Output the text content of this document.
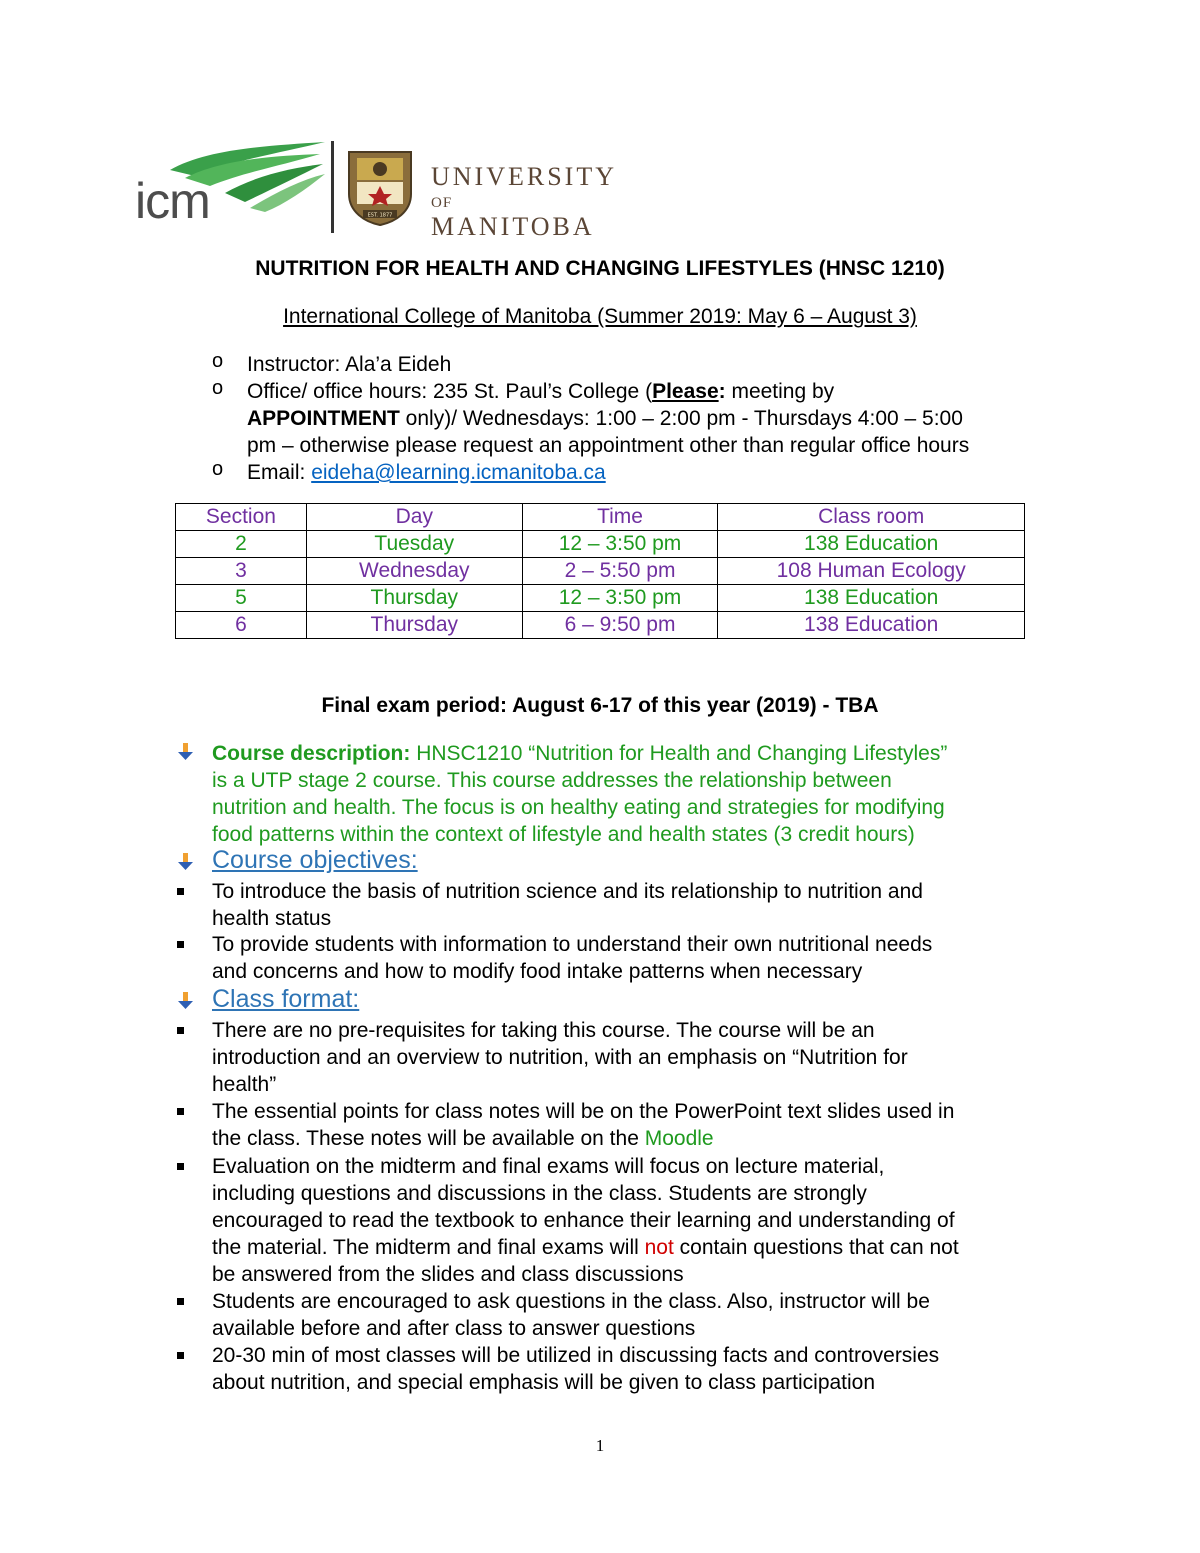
icm	EST. 1877
UNIVERSITY
OF MANITOBA
NUTRITION FOR HEALTH AND CHANGING LIFESTYLES (HNSC 1210)
International College of Manitoba (Summer 2019: May 6 – August 3)
o Instructor: Ala’a Eideh
o Office/ office hours: 235 St. Paul’s College (Please: meeting by
APPOINTMENT only)/ Wednesdays: 1:00 – 2:00 pm - Thursdays 4:00 – 5:00
pm – otherwise please request an appointment other than regular office hours
o Email: eideha@learning.icmanitoba.ca
Section	Day	Time	Class room
2	Tuesday	12 – 3:50 pm	138 Education
3	Wednesday	2 – 5:50 pm	108 Human Ecology
5	Thursday	12 – 3:50 pm	138 Education
6	Thursday	6 – 9:50 pm	138 Education
Final exam period: August 6-17 of this year (2019) - TBA
Course description: HNSC1210 “Nutrition for Health and Changing Lifestyles”
is a UTP stage 2 course. This course addresses the relationship between
nutrition and health. The focus is on healthy eating and strategies for modifying
food patterns within the context of lifestyle and health states (3 credit hours)
Course objectives:
To introduce the basis of nutrition science and its relationship to nutrition and
health status
To provide students with information to understand their own nutritional needs
and concerns and how to modify food intake patterns when necessary
Class format:
There are no pre-requisites for taking this course. The course will be an
introduction and an overview to nutrition, with an emphasis on “Nutrition for
health”
The essential points for class notes will be on the PowerPoint text slides used in
the class. These notes will be available on the Moodle
Evaluation on the midterm and final exams will focus on lecture material,
including questions and discussions in the class. Students are strongly
encouraged to read the textbook to enhance their learning and understanding of
the material. The midterm and final exams will not contain questions that can not
be answered from the slides and class discussions
Students are encouraged to ask questions in the class. Also, instructor will be
available before and after class to answer questions
20-30 min of most classes will be utilized in discussing facts and controversies
about nutrition, and special emphasis will be given to class participation
1
